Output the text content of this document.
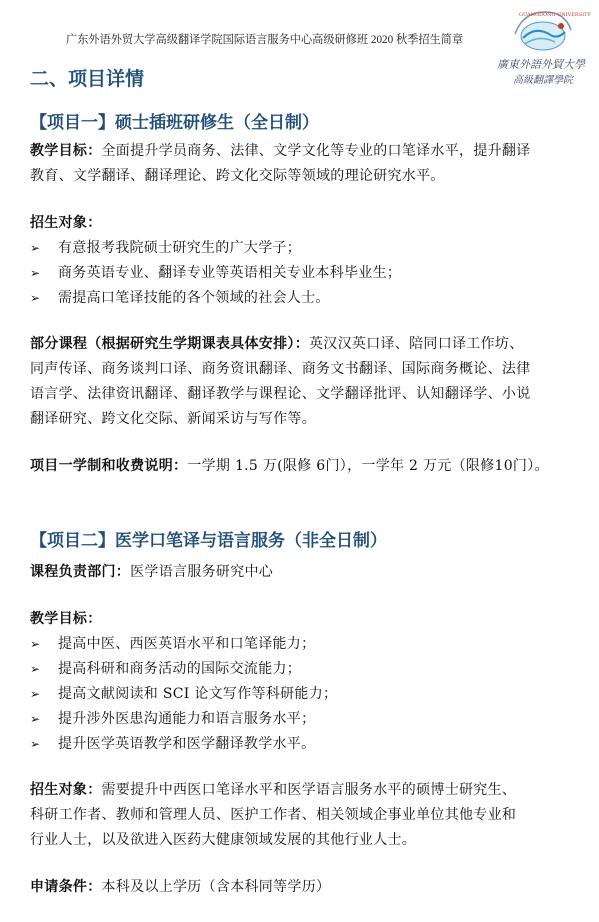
广东外语外贸大学高级翻译学院国际语言服务中心高级研修班 2020 秋季招生简章
GUANGDONG UNIVERSITY
廣東外語外貿大學
高級翻譯學院
二、项目详情
【项目一】硕士插班研修生（全日制）
教学目标：全面提升学员商务、法律、文学文化等专业的口笔译水平，提升翻译
教育、文学翻译、翻译理论、跨文化交际等领域的理论研究水平。
招生对象：
➢ 有意报考我院硕士研究生的广大学子；
➢ 商务英语专业、翻译专业等英语相关专业本科毕业生；
➢ 需提高口笔译技能的各个领域的社会人士。
部分课程（根据研究生学期课表具体安排）：英汉汉英口译、陪同口译工作坊、
同声传译、商务谈判口译、商务资讯翻译、商务文书翻译、国际商务概论、法律
语言学、法律资讯翻译、翻译教学与课程论、文学翻译批评、认知翻译学、小说
翻译研究、跨文化交际、新闻采访与写作等。
项目一学制和收费说明：一学期 1.5 万(限修 6门），一学年 2 万元（限修10门）。
【项目二】医学口笔译与语言服务（非全日制）
课程负责部门：医学语言服务研究中心
教学目标：
➢ 提高中医、西医英语水平和口笔译能力；
➢ 提高科研和商务活动的国际交流能力；
➢ 提高文献阅读和 SCI 论文写作等科研能力；
➢ 提升涉外医患沟通能力和语言服务水平；
➢ 提升医学英语教学和医学翻译教学水平。
招生对象：需要提升中西医口笔译水平和医学语言服务水平的硕博士研究生、
科研工作者、教师和管理人员、医护工作者、相关领域企事业单位其他专业和
行业人士，以及欲进入医药大健康领域发展的其他行业人士。
申请条件：本科及以上学历（含本科同等学历）
